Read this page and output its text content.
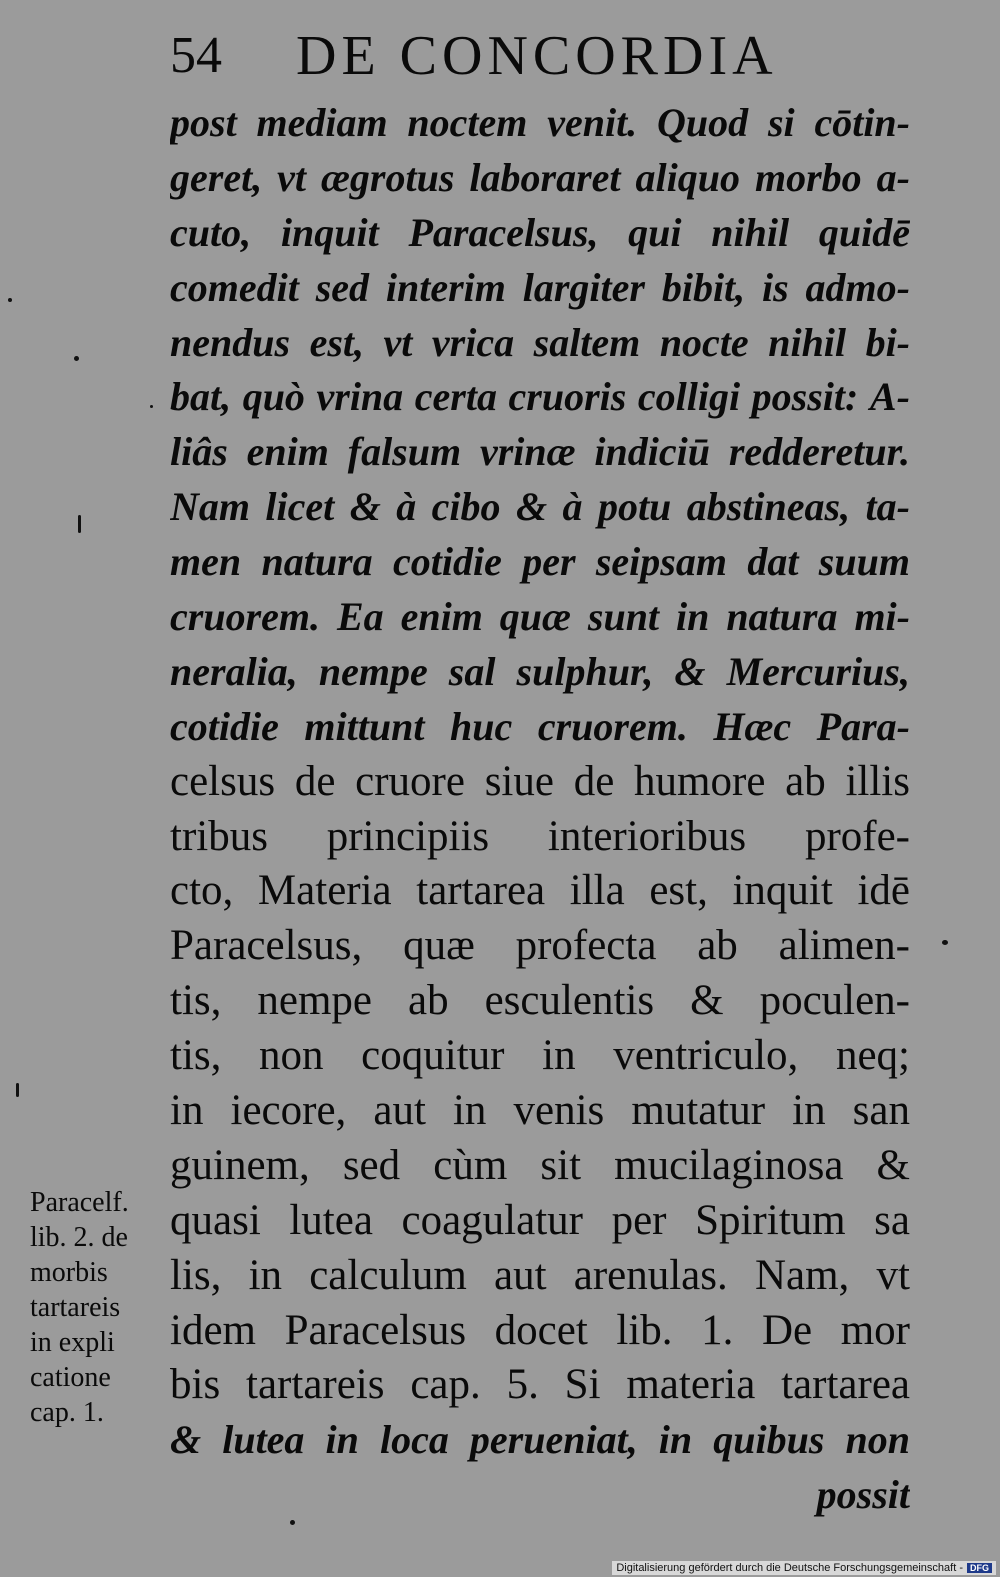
54 DE CONCORDIA
post mediam noctem venit. Quod si cōtin-
geret, vt ægrotus laboraret aliquo morbo a-
cuto, inquit Paracelsus, qui nihil quidē
comedit sed interim largiter bibit, is admo-
nendus est, vt vrica saltem nocte nihil bi-
bat, quò vrina certa cruoris colligi possit: A-
liâs enim falsum vrinæ indiciū redderetur.
Nam licet & à cibo & à potu abstineas, ta-
men natura cotidie per seipsam dat suum
cruorem. Ea enim quæ sunt in natura mi-
neralia, nempe sal sulphur, & Mercurius,
cotidie mittunt huc cruorem. Hæc Para-
celsus de cruore siue de humore ab illis
tribus principiis interioribus profe-
cto, Materia tartarea illa est, inquit idē
Paracelsus, quæ profecta ab alimen-
tis, nempe ab esculentis & poculen-
tis, non coquitur in ventriculo, neq;
in iecore, aut in venis mutatur in san
guinem, sed cùm sit mucilaginosa &
quasi lutea coagulatur per Spiritum sa
lis, in calculum aut arenulas. Nam, vt
idem Paracelsus docet lib. 1. De mor
bis tartareis cap. 5. Si materia tartarea
& lutea in loca perueniat, in quibus non
possit
Paracelf.
lib. 2. de
morbis
tartareis
in expli
catione
cap. 1.
Digitalisierung gefördert durch die Deutsche Forschungsgemeinschaft - DFG
